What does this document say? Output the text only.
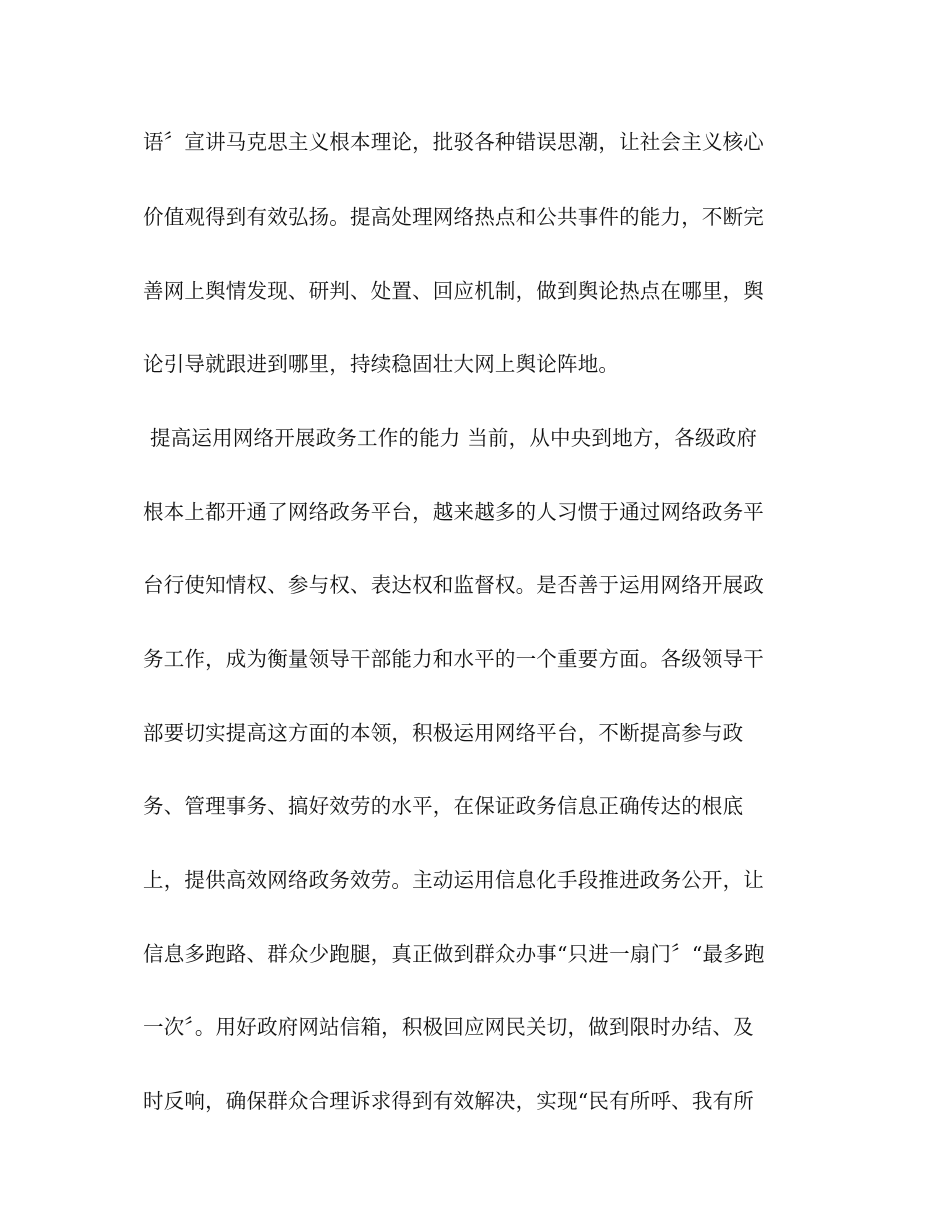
语〞宣讲马克思主义根本理论，批驳各种错误思潮，让社会主义核心
价值观得到有效弘扬。提高处理网络热点和公共事件的能力，不断完
善网上舆情发现、研判、处置、回应机制，做到舆论热点在哪里，舆
论引导就跟进到哪里，持续稳固壮大网上舆论阵地。
提高运用网络开展政务工作的能力 当前，从中央到地方，各级政府
根本上都开通了网络政务平台，越来越多的人习惯于通过网络政务平
台行使知情权、参与权、表达权和监督权。是否善于运用网络开展政
务工作，成为衡量领导干部能力和水平的一个重要方面。各级领导干
部要切实提高这方面的本领，积极运用网络平台，不断提高参与政
务、管理事务、搞好效劳的水平，在保证政务信息正确传达的根底
上，提供高效网络政务效劳。主动运用信息化手段推进政务公开，让
信息多跑路、群众少跑腿，真正做到群众办事“只进一扇门〞“最多跑
一次〞。用好政府网站信箱，积极回应网民关切，做到限时办结、及
时反响，确保群众合理诉求得到有效解决，实现“民有所呼、我有所
